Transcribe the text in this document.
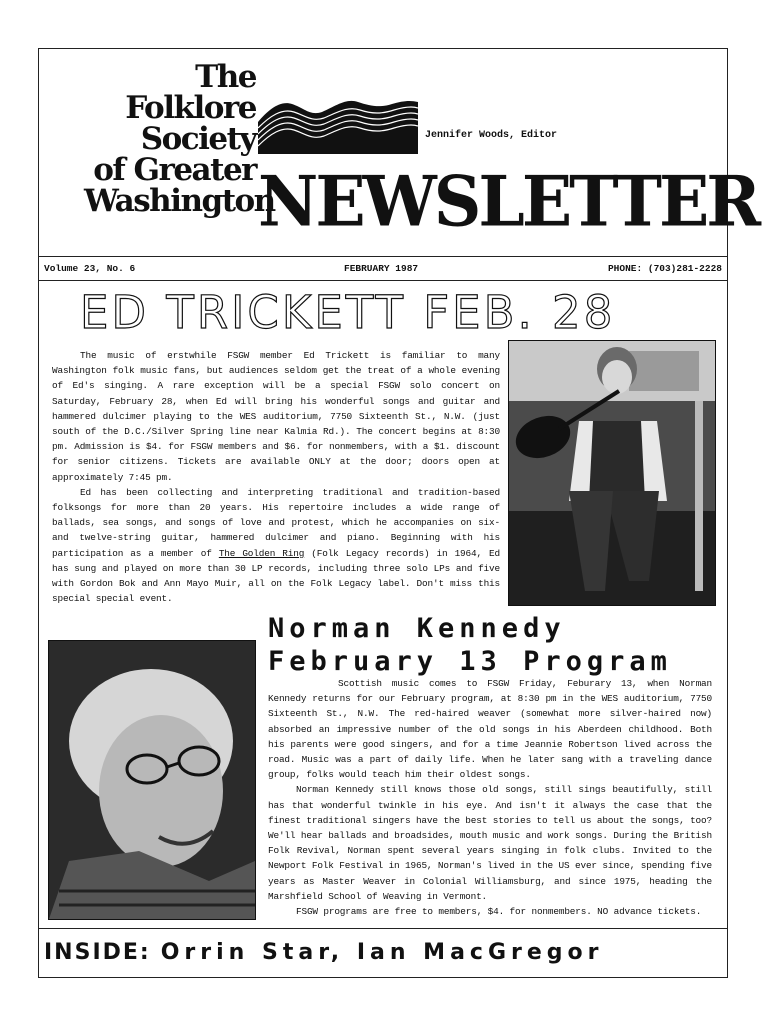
The
Folklore
Society
of Greater
Washington
Jennifer Woods, Editor
NEWSLETTER
Volume 23, No. 6	FEBRUARY 1987	PHONE: (703)281-2228
ED TRICKETT FEB. 28

The music of erstwhile FSGW member Ed Trickett is familiar to many Washington folk music fans, but audiences seldom get the treat of a whole evening of Ed's singing. A rare exception will be a special FSGW solo concert on Saturday, February 28, when Ed will bring his wonderful songs and guitar and hammered dulcimer playing to the WES auditorium, 7750 Sixteenth St., N.W. (just south of the D.C./Silver Spring line near Kalmia Rd.). The concert begins at 8:30 pm. Admission is $4. for FSGW members and $6. for nonmembers, with a $1. discount for senior citizens. Tickets are available ONLY at the door; doors open at approximately 7:45 pm.

Ed has been collecting and interpreting traditional and tradition-based folksongs for more than 20 years. His repertoire includes a wide range of ballads, sea songs, and songs of love and protest, which he accompanies on six- and twelve-string guitar, hammered dulcimer and piano. Beginning with his participation as a member of The Golden Ring (Folk Legacy records) in 1964, Ed has sung and played on more than 30 LP records, including three solo LPs and five with Gordon Bok and Ann Mayo Muir, all on the Folk Legacy label. Don't miss this special special event.

Norman Kennedy
February 13 Program

Scottish music comes to FSGW Friday, Feburary 13, when Norman Kennedy returns for our February program, at 8:30 pm in the WES auditorium, 7750 Sixteenth St., N.W. The red-haired weaver (somewhat more silver-haired now) absorbed an impressive number of the old songs in his Aberdeen childhood. Both his parents were good singers, and for a time Jeannie Robertson lived across the road. Music was a part of daily life. When he later sang with a traveling dance group, folks would teach him their oldest songs.

Norman Kennedy still knows those old songs, still sings beautifully, still has that wonderful twinkle in his eye. And isn't it always the case that the finest traditional singers have the best stories to tell us about the songs, too? We'll hear ballads and broadsides, mouth music and work songs. During the British Folk Revival, Norman spent several years singing in folk clubs. Invited to the Newport Folk Festival in 1965, Norman's lived in the US ever since, spending five years as Master Weaver in Colonial Williamsburg, and since 1975, heading the Marshfield School of Weaving in Vermont.

FSGW programs are free to members, $4. for nonmembers. NO advance tickets.

INSIDE: Orrin Star, Ian MacGregor
